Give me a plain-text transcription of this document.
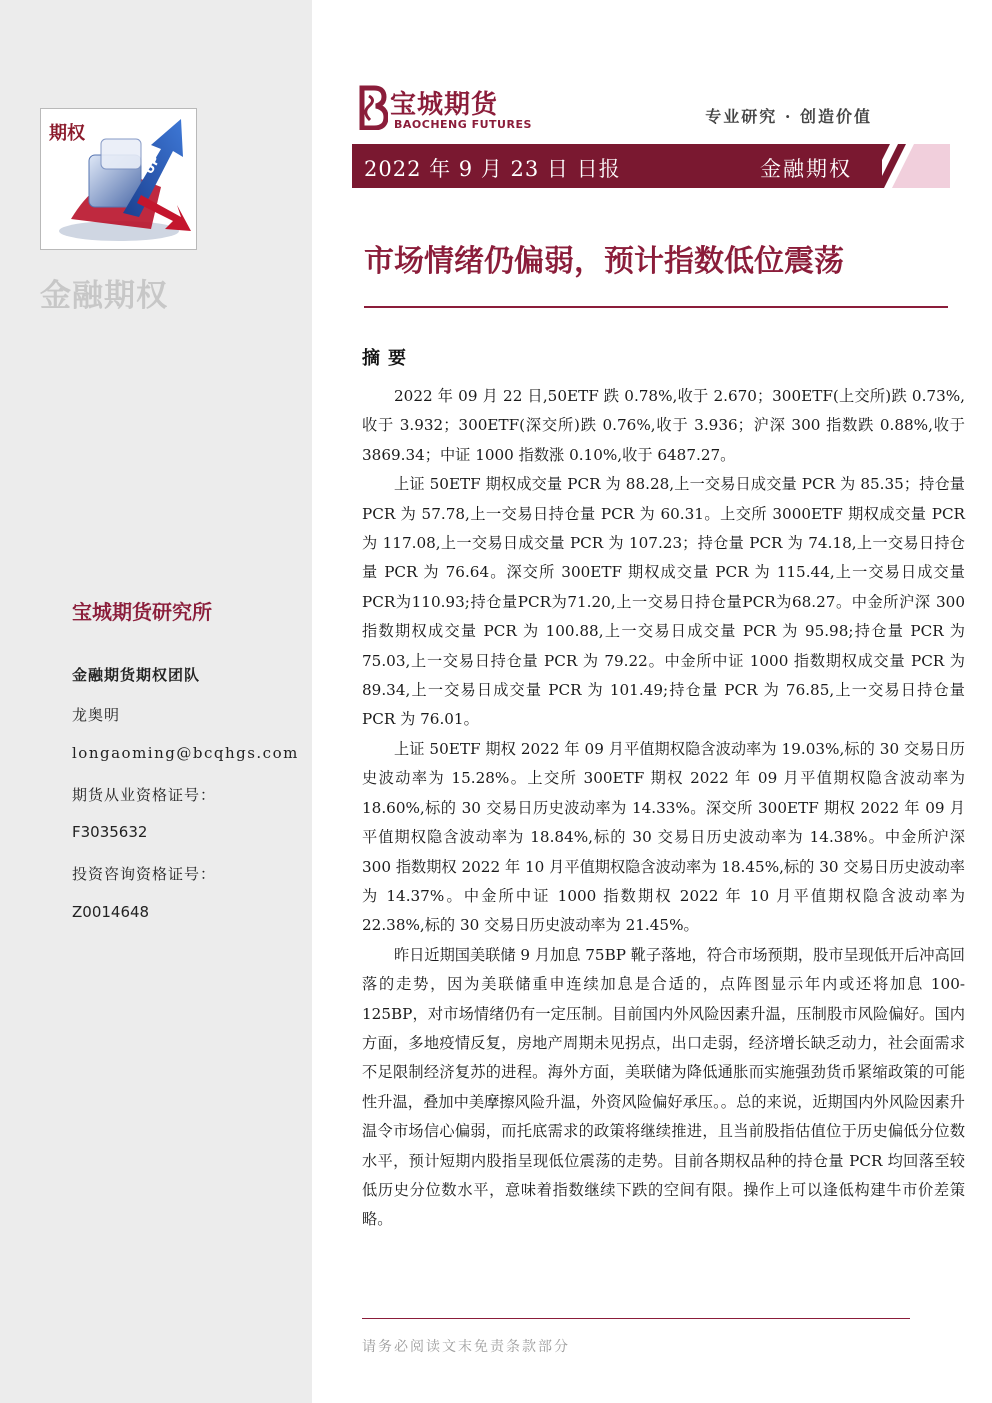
UP
期权
金融期权
宝城期货研究所
金融期货期权团队
龙奥明
longaoming@bcqhgs.com
期货从业资格证号：
F3035632
投资咨询资格证号：
Z0014648
宝城期货
BAOCHENG FUTURES	专业研究 · 创造价值
2022 年 9 月 23 日 日报	金融期权
市场情绪仍偏弱，预计指数低位震荡
摘要

2022 年 09 月 22 日,50ETF 跌 0.78%,收于 2.670；300ETF(上交所)跌 0.73%,收于 3.932；300ETF(深交所)跌 0.76%,收于 3.936；沪深 300 指数跌 0.88%,收于 3869.34；中证 1000 指数涨 0.10%,收于 6487.27。

上证 50ETF 期权成交量 PCR 为 88.28,上一交易日成交量 PCR 为 85.35；持仓量 PCR 为 57.78,上一交易日持仓量 PCR 为 60.31。上交所 3000ETF 期权成交量 PCR 为 117.08,上一交易日成交量 PCR 为 107.23；持仓量 PCR 为 74.18,上一交易日持仓量 PCR 为 76.64。深交所 300ETF 期权成交量 PCR 为 115.44,上一交易日成交量PCR为110.93;持仓量PCR为71.20,上一交易日持仓量PCR为68.27。中金所沪深 300 指数期权成交量 PCR 为 100.88,上一交易日成交量 PCR 为 95.98;持仓量 PCR 为 75.03,上一交易日持仓量 PCR 为 79.22。中金所中证 1000 指数期权成交量 PCR 为 89.34,上一交易日成交量 PCR 为 101.49;持仓量 PCR 为 76.85,上一交易日持仓量 PCR 为 76.01。

上证 50ETF 期权 2022 年 09 月平值期权隐含波动率为 19.03%,标的 30 交易日历史波动率为 15.28%。上交所 300ETF 期权 2022 年 09 月平值期权隐含波动率为 18.60%,标的 30 交易日历史波动率为 14.33%。深交所 300ETF 期权 2022 年 09 月平值期权隐含波动率为 18.84%,标的 30 交易日历史波动率为 14.38%。中金所沪深 300 指数期权 2022 年 10 月平值期权隐含波动率为 18.45%,标的 30 交易日历史波动率为 14.37%。中金所中证 1000 指数期权 2022 年 10 月平值期权隐含波动率为 22.38%,标的 30 交易日历史波动率为 21.45%。

昨日近期国美联储 9 月加息 75BP 靴子落地，符合市场预期，股市呈现低开后冲高回落的走势，因为美联储重申连续加息是合适的，点阵图显示年内或还将加息 100-125BP，对市场情绪仍有一定压制。目前国内外风险因素升温，压制股市风险偏好。国内方面，多地疫情反复，房地产周期未见拐点，出口走弱，经济增长缺乏动力，社会面需求不足限制经济复苏的进程。海外方面，美联储为降低通胀而实施强劲货币紧缩政策的可能性升温，叠加中美摩擦风险升温，外资风险偏好承压。。总的来说，近期国内外风险因素升温令市场信心偏弱，而托底需求的政策将继续推进，且当前股指估值位于历史偏低分位数水平，预计短期内股指呈现低位震荡的走势。目前各期权品种的持仓量 PCR 均回落至较低历史分位数水平，意味着指数继续下跌的空间有限。操作上可以逢低构建牛市价差策略。

请务必阅读文末免责条款部分
